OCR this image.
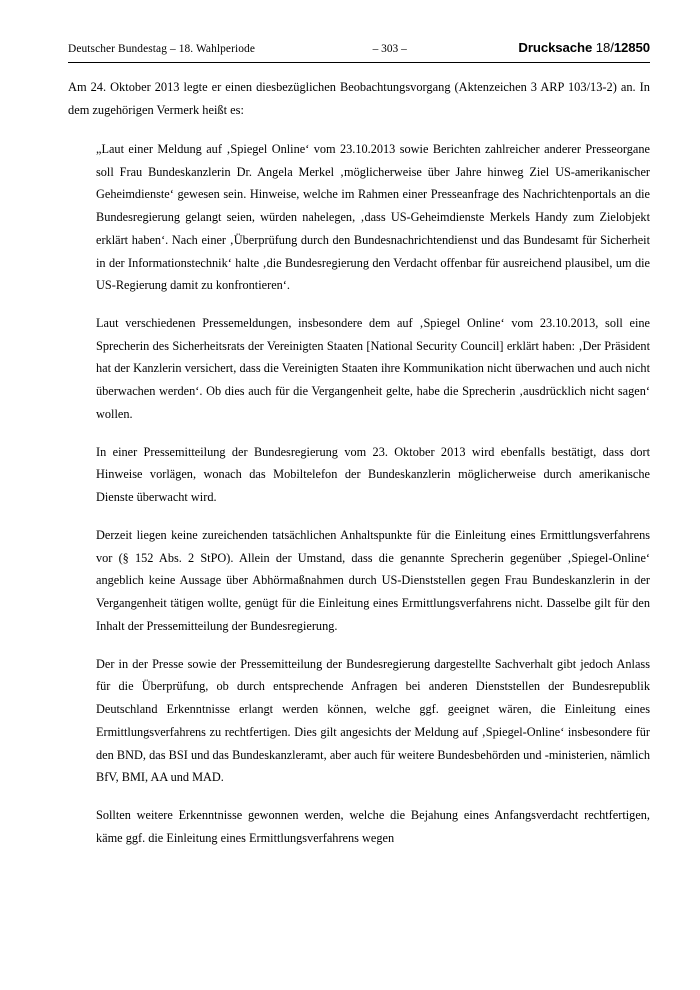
Deutscher Bundestag – 18. Wahlperiode	– 303 –	Drucksache 18/12850

Am 24. Oktober 2013 legte er einen diesbezüglichen Beobachtungsvorgang (Aktenzeichen 3 ARP 103/13-2) an. In dem zugehörigen Vermerk heißt es:

„Laut einer Meldung auf ‚Spiegel Online‘ vom 23.10.2013 sowie Berichten zahlreicher anderer Presseorgane soll Frau Bundeskanzlerin Dr. Angela Merkel ‚möglicherweise über Jahre hinweg Ziel US-amerikanischer Geheimdienste‘ gewesen sein. Hinweise, welche im Rahmen einer Presseanfrage des Nachrichtenportals an die Bundesregierung gelangt seien, würden nahelegen, ‚dass US-Geheimdienste Merkels Handy zum Zielobjekt erklärt haben‘. Nach einer ‚Überprüfung durch den Bundesnachrichtendienst und das Bundesamt für Sicherheit in der Informationstechnik‘ halte ‚die Bundesregierung den Verdacht offenbar für ausreichend plausibel, um die US-Regierung damit zu konfrontieren‘.

Laut verschiedenen Pressemeldungen, insbesondere dem auf ‚Spiegel Online‘ vom 23.10.2013, soll eine Sprecherin des Sicherheitsrats der Vereinigten Staaten [National Security Council] erklärt haben: ‚Der Präsident hat der Kanzlerin versichert, dass die Vereinigten Staaten ihre Kommunikation nicht überwachen und auch nicht überwachen werden‘. Ob dies auch für die Vergangenheit gelte, habe die Sprecherin ‚ausdrücklich nicht sagen‘ wollen.

In einer Pressemitteilung der Bundesregierung vom 23. Oktober 2013 wird ebenfalls bestätigt, dass dort Hinweise vorlägen, wonach das Mobiltelefon der Bundeskanzlerin möglicherweise durch amerikanische Dienste überwacht wird.

Derzeit liegen keine zureichenden tatsächlichen Anhaltspunkte für die Einleitung eines Ermittlungsverfahrens vor (§ 152 Abs. 2 StPO). Allein der Umstand, dass die genannte Sprecherin gegenüber ‚Spiegel-Online‘ angeblich keine Aussage über Abhörmaßnahmen durch US-Dienststellen gegen Frau Bundeskanzlerin in der Vergangenheit tätigen wollte, genügt für die Einleitung eines Ermittlungsverfahrens nicht. Dasselbe gilt für den Inhalt der Pressemitteilung der Bundesregierung.

Der in der Presse sowie der Pressemitteilung der Bundesregierung dargestellte Sachverhalt gibt jedoch Anlass für die Überprüfung, ob durch entsprechende Anfragen bei anderen Dienststellen der Bundesrepublik Deutschland Erkenntnisse erlangt werden können, welche ggf. geeignet wären, die Einleitung eines Ermittlungsverfahrens zu rechtfertigen. Dies gilt angesichts der Meldung auf ‚Spiegel-Online‘ insbesondere für den BND, das BSI und das Bundeskanzleramt, aber auch für weitere Bundesbehörden und -ministerien, nämlich BfV, BMI, AA und MAD.

Sollten weitere Erkenntnisse gewonnen werden, welche die Bejahung eines Anfangsverdacht rechtfertigen, käme ggf. die Einleitung eines Ermittlungsverfahrens wegen
